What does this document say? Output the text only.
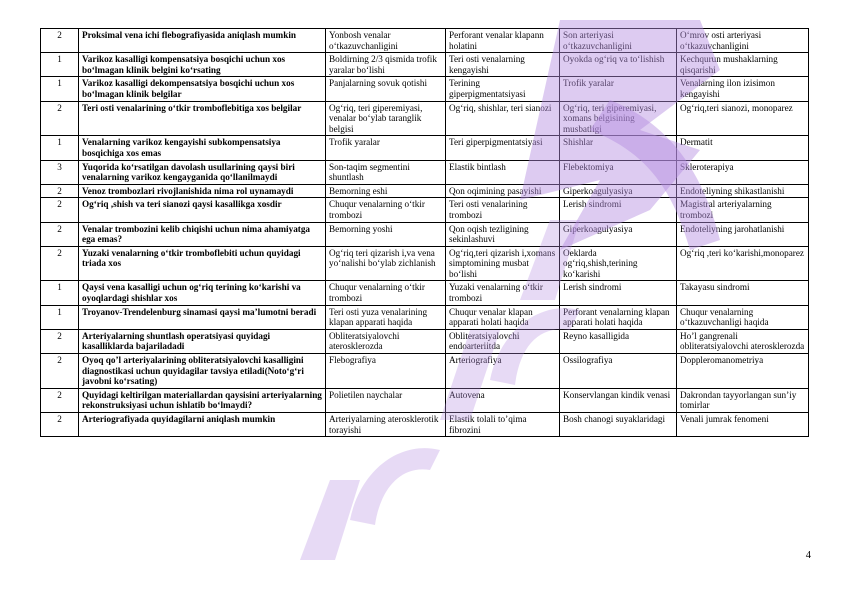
2	Proksimal vena ichi flebografiyasida aniqlash mumkin	Yonbosh venalar o‘tkazuvchanligini	Perforant venalar klapann holatini	Son arteriyasi o‘tkazuvchanligini	O‘mrov osti arteriyasi o‘tkazuvchanligini
1	Varikoz kasalligi kompensatsiya bosqichi uchun xos bo‘lmagan klinik belgini ko‘rsating	Boldirning 2/3 qismida trofik yaralar bo‘lishi	Teri osti venalarning kengayishi	Oyokda og‘riq va to‘lishish	Kechqurun mushaklarning qisqarishi
1	Varikoz kasalligi dekompensatsiya bosqichi uchun xos bo‘lmagan klinik belgilar	Panjalarning sovuk qotishi	Terining giperpigmentatsiyasi	Trofik yaralar	Venalarning ilon izisimon kengayishi
2	Teri osti venalarining o‘tkir tromboflebitiga xos belgilar	Og‘riq, teri giperemiyasi, venalar bo‘ylab taranglik belgisi	Og‘riq, shishlar, teri sianozi	Og‘riq, teri giperemiyasi, xomans belgisining musbatligi	Og‘riq,teri sianozi, monoparez
1	Venalarning varikoz kengayishi subkompensatsiya bosqichiga xos emas	Trofik yaralar	Teri giperpigmentatsiyasi	Shishlar	Dermatit
3	Yuqorida ko‘rsatilgan davolash usullarining qaysi biri venalarning varikoz kengayganida qo‘llanilmaydi	Son-taqim segmentini shuntlash	Elastik bintlash	Flebektomiya	Skleroterapiya
2	Venoz trombozlari rivojlanishida nima rol uynamaydi	Bemorning eshi	Qon oqimining pasayishi	Giperkoagulyasiya	Endoteliyning shikastlanishi
2	Og‘riq ,shish va teri sianozi qaysi kasallikga xosdir	Chuqur venalarning o‘tkir trombozi	Teri osti venalarining trombozi	Lerish sindromi	Magistral arteriyalarning trombozi
2	Venalar trombozini kelib chiqishi uchun nima ahamiyatga ega emas?	Bemorning yoshi	Qon oqish tezligining sekinlashuvi	Giperkoagulyasiya	Endoteliyning jarohatlanishi
2	Yuzaki venalarning o‘tkir tromboflebiti uchun quyidagi triada xos	Og‘riq teri qizarish i,va vena yo‘nalishi bo‘ylab zichlanish	Og‘riq,teri qizarish i,xomans simptomining musbat bo‘lishi	Oeklarda og‘riq,shish,terining ko‘karishi	Og‘riq ,teri ko‘karishi,monoparez
1	Qaysi vena kasalligi uchun og‘riq terining ko‘karishi va oyoqlardagi shishlar xos	Chuqur venalarning o‘tkir trombozi	Yuzaki venalarning o‘tkir trombozi	Lerish sindromi	Takayasu sindromi
1	Troyanov-Trendelenburg sinamasi qaysi ma’lumotni beradi	Teri osti yuza venalarining klapan apparati haqida	Chuqur venalar klapan apparati holati haqida	Perforant venalarning klapan apparati holati haqida	Chuqur venalarning o‘tkazuvchanligi haqida
2	Arteriyalarning shuntlash operatsiyasi quyidagi kasalliklarda bajariladadi	Obliteratsiyalovchi aterosklerozda	Obliteratsiyalovchi endoarteriitda	Reyno kasalligida	Ho’l gangrenali obliteratsiyalovchi aterosklerozda
2	Oyoq qo’l arteriyalarining obliteratsiyalovchi kasalligini diagnostikasi uchun quyidagilar tavsiya etiladi(Noto‘g‘ri javobni ko‘rsating)	Flebografiya	Arteriografiya	Ossilografiya	Doppleromanometriya
2	Quyidagi keltirilgan materiallardan qaysisini arteriyalarning rekonstruksiyasi uchun ishlatib bo‘lmaydi?	Polietilen naychalar	Autovena	Konservlangan kindik venasi	Dakrondan tayyorlangan sun’iy tomirlar
2	Arteriografiyada quyidagilarni aniqlash mumkin	Arteriyalarning aterosklerotik torayishi	Elastik tolali to’qima fibrozini	Bosh chanogi suyaklaridagi	Venali jumrak fenomeni
4
